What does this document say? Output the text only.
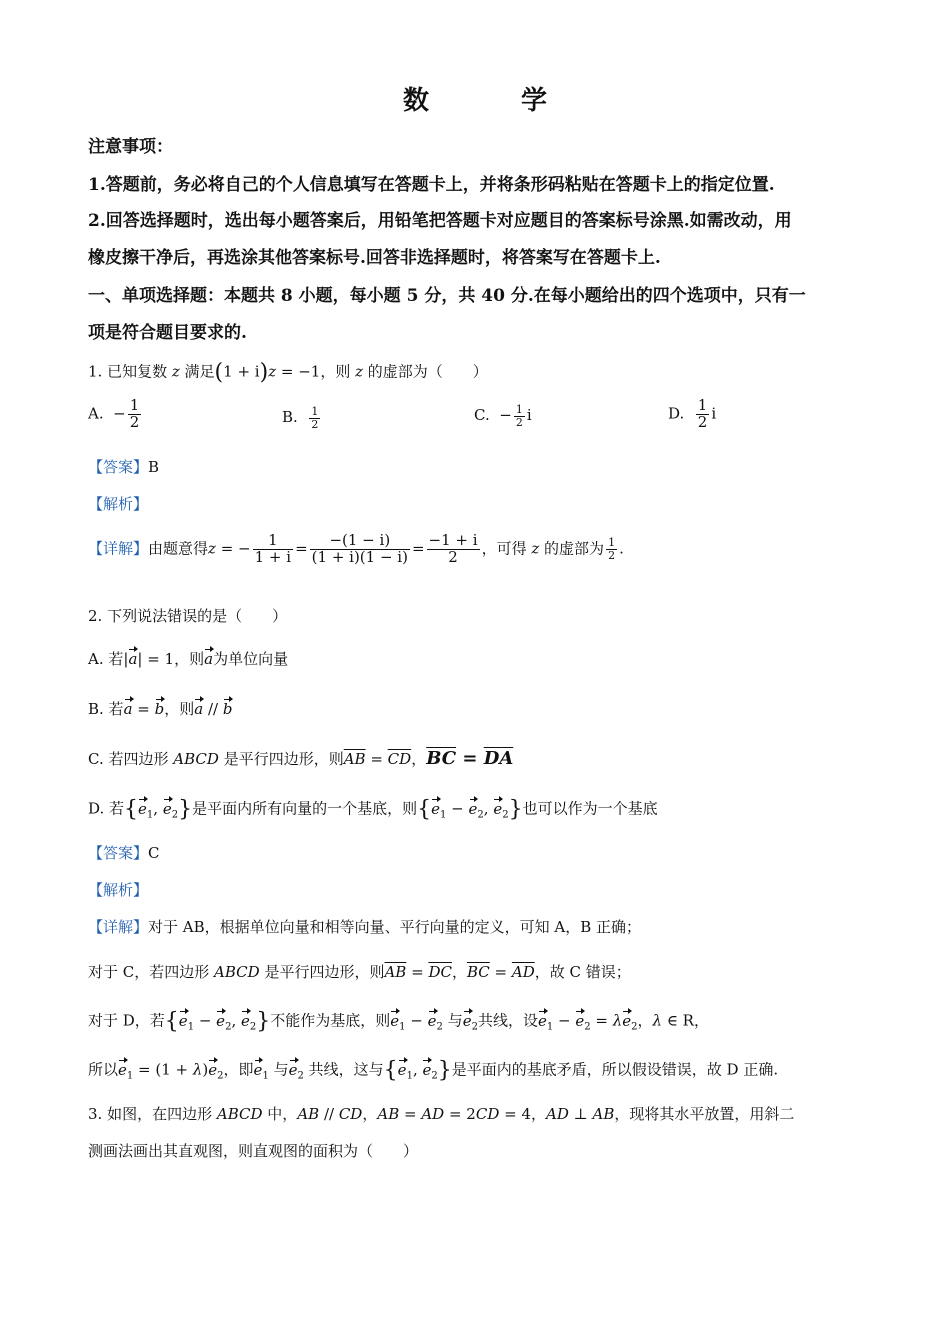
数学
注意事项：
1.答题前，务必将自己的个人信息填写在答题卡上，并将条形码粘贴在答题卡上的指定位置.
2.回答选择题时，选出每小题答案后，用铅笔把答题卡对应题目的答案标号涂黑.如需改动，用
橡皮擦干净后，再选涂其他答案标号.回答非选择题时，将答案写在答题卡上.
一、单项选择题：本题共 8 小题，每小题 5 分，共 40 分.在每小题给出的四个选项中，只有一
项是符合题目要求的.
1. 已知复数 z 满足(1 + i)z = −1，则 z 的虚部为（　　）
A.  − $\frac{1}{2}$	B. $\frac{1}{2}$	C.  − $\frac{1}{2}$ i	D. $\frac{1}{2}$ i
【答案】B
【解析】
【详解】由题意得z = − $\frac{1}{1 + i} = \frac{-(1 - i)}{(1 + i)(1 - i)} = \frac{-1 + i}{2}$ ，可得 z 的虚部为 $\frac{1}{2}$ .
2. 下列说法错误的是（　　）
A. 若|a| = 1，则a为单位向量
B. 若a = b，则a // b
C. 若四边形 ABCD 是平行四边形，则$\overline{AB} = \overline{CD}$，$\overline{BC} = \overline{DA}$
D. 若{$e_1$, $e_2$}是平面内所有向量的一个基底，则{$e_1 - e_2$, $e_2$}也可以作为一个基底
【答案】C
【解析】
【详解】对于 AB，根据单位向量和相等向量、平行向量的定义，可知 A，B 正确；
对于 C，若四边形 ABCD 是平行四边形，则$\overline{AB} = \overline{DC}$，$\overline{BC} = \overline{AD}$，故 C 错误；
对于 D，若{$e_1 - e_2$, $e_2$}不能作为基底，则$e_1 - e_2$ 与$e_2$共线，设$e_1 - e_2 = \lambda e_2$，λ ∈ R，
所以$e_1 = (1 + \lambda)e_2$，即$e_1$ 与$e_2$ 共线，这与{$e_1$, $e_2$}是平面内的基底矛盾，所以假设错误，故 D 正确.
3. 如图，在四边形 ABCD 中，AB // CD，AB = AD = 2CD = 4，AD ⊥ AB，现将其水平放置，用斜二
测画法画出其直观图，则直观图的面积为（　　）
